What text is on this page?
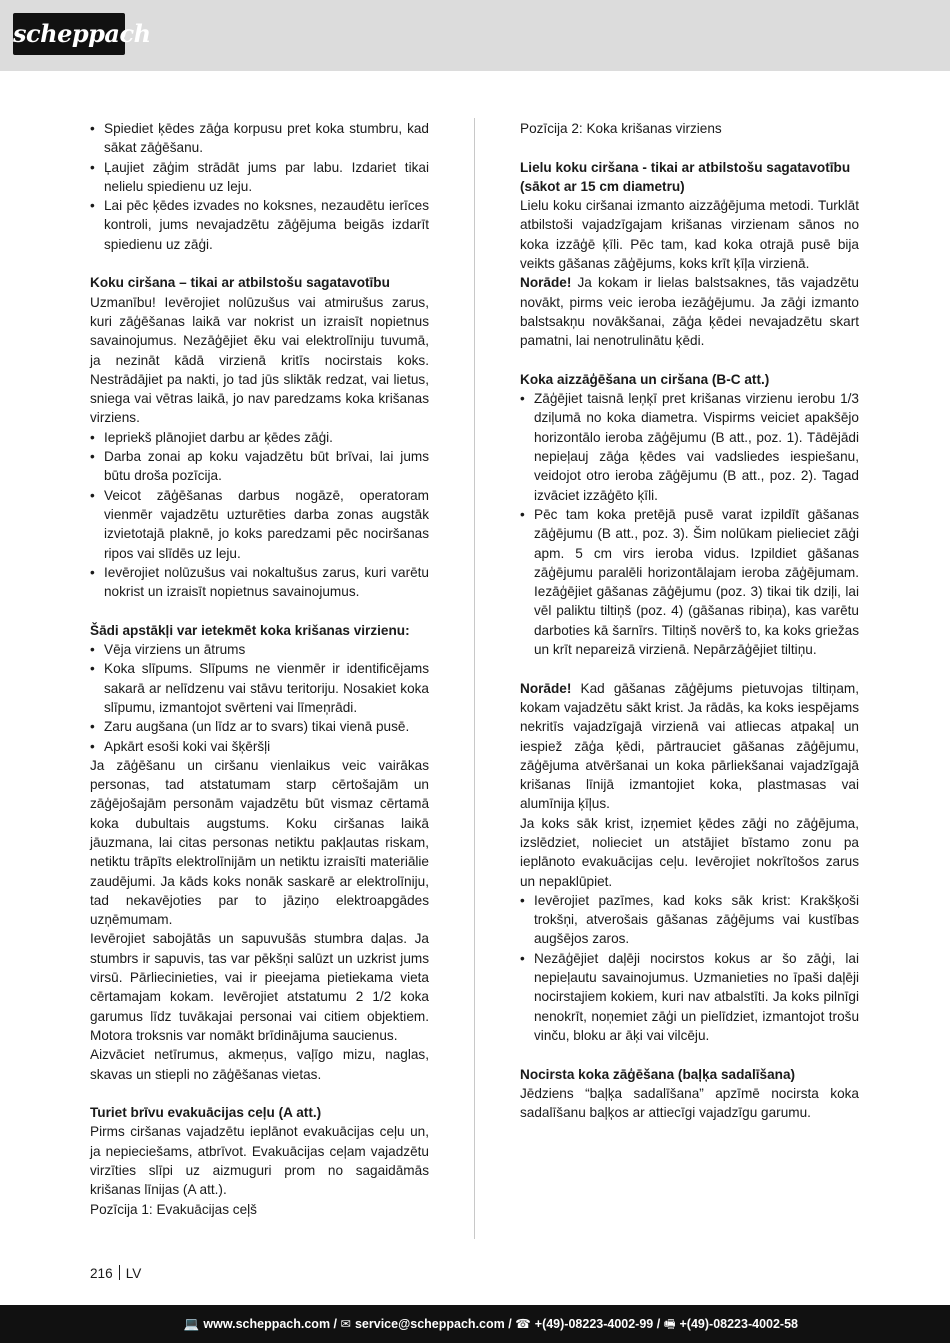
scheppach
• Spiediet ķēdes zāģa korpusu pret koka stumbru, kad sākat zāģēšanu.
• Ļaujiet zāģim strādāt jums par labu. Izdariet tikai nelielu spiedienu uz leju.
• Lai pēc ķēdes izvades no koksnes, nezaudētu ierīces kontroli, jums nevajadzētu zāģējuma beigās izdarīt spiedienu uz zāģi.
Koku ciršana – tikai ar atbilstošu sagatavotību

Uzmanību! Ievērojiet nolūzušus vai atmirušus zarus, kuri zāģēšanas laikā var nokrist un izraisīt nopietnus savainojumus. Nezāģējiet ēku vai elektrolīniju tuvumā, ja nezināt kādā virzienā kritīs nocirstais koks. Nestrādājiet pa nakti, jo tad jūs sliktāk redzat, vai lietus, sniega vai vētras laikā, jo nav paredzams koka krišanas virziens.

• Iepriekš plānojiet darbu ar ķēdes zāģi.
• Darba zonai ap koku vajadzētu būt brīvai, lai jums būtu droša pozīcija.
• Veicot zāģēšanas darbus nogāzē, operatoram vienmēr vajadzētu uzturēties darba zonas augstāk izvietotajā plaknē, jo koks paredzami pēc nociršanas ripos vai slīdēs uz leju.
• Ievērojiet nolūzušus vai nokaltušus zarus, kuri varētu nokrist un izraisīt nopietnus savainojumus.
Šādi apstākļi var ietekmēt koka krišanas virzienu:
• Vēja virziens un ātrums
• Koka slīpums. Slīpums ne vienmēr ir identificējams sakarā ar nelīdzenu vai stāvu teritoriju. Nosakiet koka slīpumu, izmantojot svērteni vai līmeņrādi.
• Zaru augšana (un līdz ar to svars) tikai vienā pusē.
• Apkārt esoši koki vai šķēršļi

Ja zāģēšanu un ciršanu vienlaikus veic vairākas personas, tad atstatumam starp cērtošajām un zāģējošajām personām vajadzētu būt vismaz cērtamā koka dubultais augstums. Koku ciršanas laikā jāuzmana, lai citas personas netiktu pakļautas riskam, netiktu trāpīts elektrolīnijām un netiktu izraisīti materiālie zaudējumi. Ja kāds koks nonāk saskarē ar elektrolīniju, tad nekavējoties par to jāziņo elektroapgādes uzņēmumam.

Ievērojiet sabojātās un sapuvušās stumbra daļas. Ja stumbrs ir sapuvis, tas var pēkšņi salūzt un uzkrist jums virsū. Pārliecinieties, vai ir pieejama pietiekama vieta cērtamajam kokam. Ievērojiet atstatumu 2 1/2 koka garumus līdz tuvākajai personai vai citiem objektiem. Motora troksnis var nomākt brīdinājuma saucienus.

Aizvāciet netīrumus, akmeņus, vaļīgo mizu, naglas, skavas un stiepli no zāģēšanas vietas.

Turiet brīvu evakuācijas ceļu (A att.)

Pirms ciršanas vajadzētu ieplānot evakuācijas ceļu un, ja nepieciešams, atbrīvot. Evakuācijas ceļam vajadzētu virzīties slīpi uz aizmuguri prom no sagaidāmās krišanas līnijas (A att.).

Pozīcija 1: Evakuācijas ceļš

Pozīcija 2: Koka krišanas virziens

Lielu koku ciršana - tikai ar atbilstošu sagatavotību (sākot ar 15 cm diametru)

Lielu koku ciršanai izmanto aizzāģējuma metodi. Turklāt atbilstoši vajadzīgajam krišanas virzienam sānos no koka izzāģē ķīli. Pēc tam, kad koka otrajā pusē bija veikts gāšanas zāģējums, koks krīt ķīļa virzienā.

Norāde! Ja kokam ir lielas balstsaknes, tās vajadzētu novākt, pirms veic ieroba iezāģējumu. Ja zāģi izmanto balstsakņu novākšanai, zāģa ķēdei nevajadzētu skart pamatni, lai nenotrulinātu ķēdi.

Koka aizzāģēšana un ciršana (B-C att.)
• Zāģējiet taisnā leņķī pret krišanas virzienu ierobu 1/3 dziļumā no koka diametra. Vispirms veiciet apakšējo horizontālo ieroba zāģējumu (B att., poz. 1). Tādējādi nepieļauj zāģa ķēdes vai vadsliedes iespiešanu, veidojot otro ieroba zāģējumu (B att., poz. 2). Tagad izvāciet izzāģēto ķīli.
• Pēc tam koka pretējā pusē varat izpildīt gāšanas zāģējumu (B att., poz. 3). Šim nolūkam pielieciet zāģi apm. 5 cm virs ieroba vidus. Izpildiet gāšanas zāģējumu paralēli horizontālajam ieroba zāģējumam. Iezāģējiet gāšanas zāģējumu (poz. 3) tikai tik dziļi, lai vēl paliktu tiltiņš (poz. 4) (gāšanas ribiņa), kas varētu darboties kā šarnīrs. Tiltiņš novērš to, ka koks griežas un krīt nepareizā virzienā. Nepārzāģējiet tiltiņu.

Norāde! Kad gāšanas zāģējums pietuvojas tiltiņam, kokam vajadzētu sākt krist. Ja rādās, ka koks iespējams nekritīs vajadzīgajā virzienā vai atliecas atpakaļ un iespiež zāģa ķēdi, pārtrauciet gāšanas zāģējumu, zāģējuma atvēršanai un koka pārliekšanai vajadzīgajā krišanas līnijā izmantojiet koka, plastmasas vai alumīnija ķīļus.

Ja koks sāk krist, izņemiet ķēdes zāģi no zāģējuma, izslēdziet, nolieciet un atstājiet bīstamo zonu pa ieplānoto evakuācijas ceļu. Ievērojiet nokrītošos zarus un nepaklūpiet.

• Ievērojiet pazīmes, kad koks sāk krist: Krakšķoši trokšņi, atverošais gāšanas zāģējums vai kustības augšējos zaros.
• Nezāģējiet daļēji nocirstos kokus ar šo zāģi, lai nepieļautu savainojumus. Uzmanieties no īpaši daļēji nocirstajiem kokiem, kuri nav atbalstīti. Ja koks pilnīgi nenokrīt, noņemiet zāģi un pielīdziet, izmantojot trošu vinču, bloku ar āķi vai vilcēju.
Nocirsta koka zāģēšana (baļķa sadalīšana)

Jēdziens “baļķa sadalīšana” apzīmē nocirsta koka sadalīšanu baļķos ar attiecīgi vajadzīgu garumu.

216 LV
💻 www.scheppach.com / ✉ service@scheppach.com / ☎ +(49)-08223-4002-99 / 🖷 +(49)-08223-4002-58
